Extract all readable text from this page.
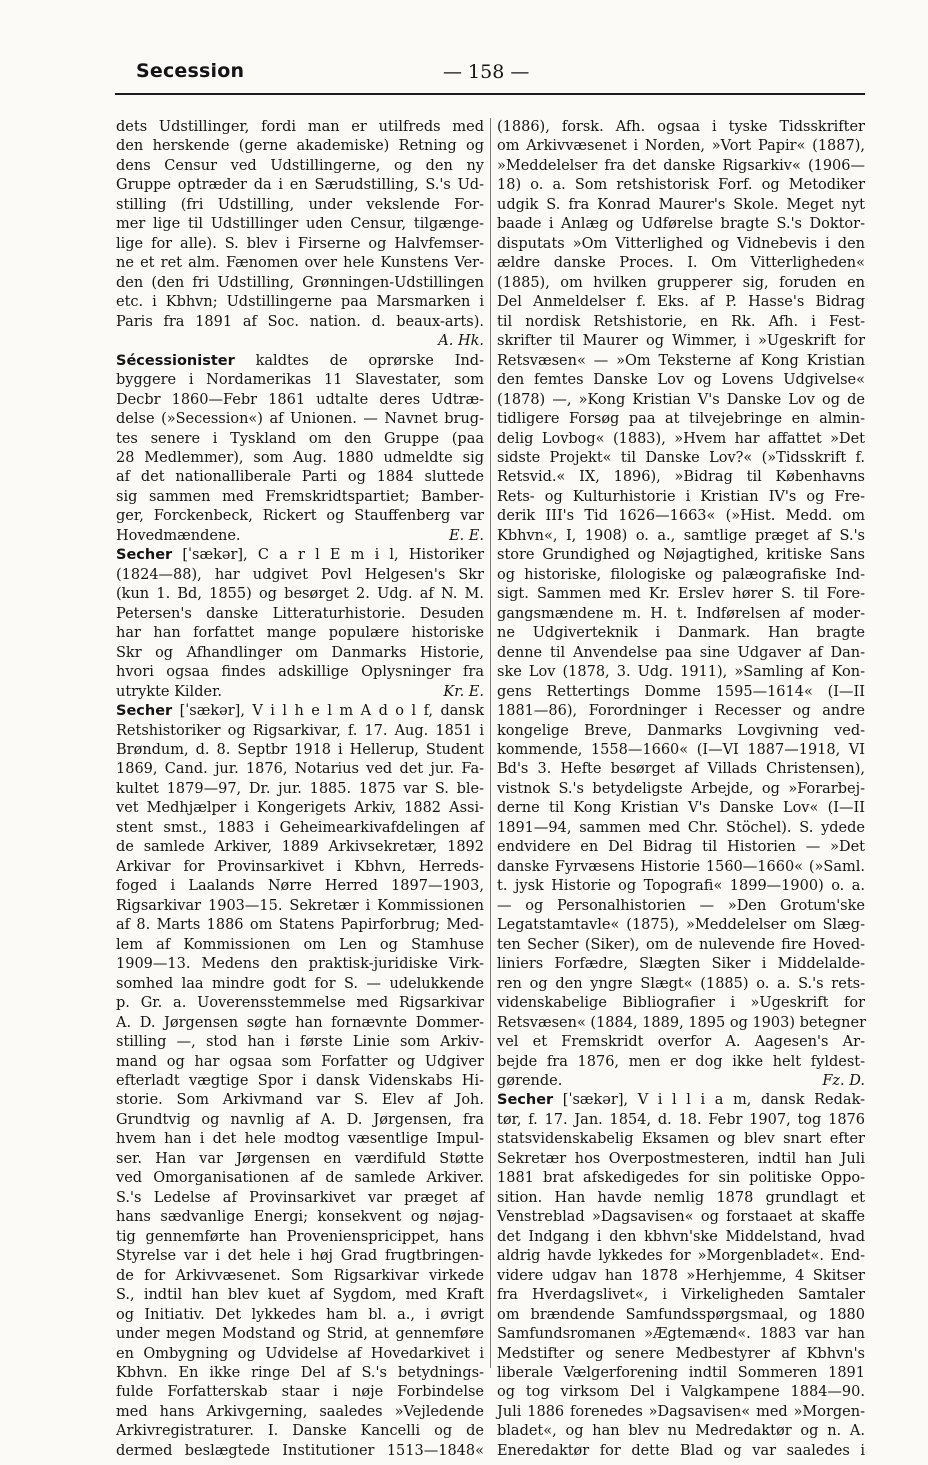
Secession	— 158 —
dets Udstillinger, fordi man er utilfreds med
den herskende (gerne akademiske) Retning og
dens Censur ved Udstillingerne, og den ny
Gruppe optræder da i en Særudstilling, S.'s Ud-
stilling (fri Udstilling, under vekslende For-
mer lige til Udstillinger uden Censur, tilgænge-
lige for alle). S. blev i Firserne og Halvfemser-
ne et ret alm. Fænomen over hele Kunstens Ver-
den (den fri Udstilling, Grønningen-Udstillingen
etc. i Kbhvn; Udstillingerne paa Marsmarken i
Paris fra 1891 af Soc. nation. d. beaux-arts).
A. Hk.
Sécessionister kaldtes de oprørske Ind-
byggere i Nordamerikas 11 Slavestater, som
Decbr 1860—Febr 1861 udtalte deres Udtræ-
delse (»Secession«) af Unionen. — Navnet brug-
tes senere i Tyskland om den Gruppe (paa
28 Medlemmer), som Aug. 1880 udmeldte sig
af det nationalliberale Parti og 1884 sluttede
sig sammen med Fremskridtspartiet; Bamber-
ger, Forckenbeck, Rickert og Stauffenberg var
Hovedmændene.	E. E.
Secher [ˈsækər], C a r l E m i l, Historiker
(1824—88), har udgivet Povl Helgesen's Skr
(kun 1. Bd, 1855) og besørget 2. Udg. af N. M.
Petersen's danske Litteraturhistorie. Desuden
har han forfattet mange populære historiske
Skr og Afhandlinger om Danmarks Historie,
hvori ogsaa findes adskillige Oplysninger fra
utrykte Kilder.	Kr. E.
Secher [ˈsækər], V i l h e l m A d o l f, dansk
Retshistoriker og Rigsarkivar, f. 17. Aug. 1851 i
Brøndum, d. 8. Septbr 1918 i Hellerup, Student
1869, Cand. jur. 1876, Notarius ved det jur. Fa-
kultet 1879—97, Dr. jur. 1885. 1875 var S. ble-
vet Medhjælper i Kongerigets Arkiv, 1882 Assi-
stent smst., 1883 i Geheimearkivafdelingen af
de samlede Arkiver, 1889 Arkivsekretær, 1892
Arkivar for Provinsarkivet i Kbhvn, Herreds-
foged i Laalands Nørre Herred 1897—1903,
Rigsarkivar 1903—15. Sekretær i Kommissionen
af 8. Marts 1886 om Statens Papirforbrug; Med-
lem af Kommissionen om Len og Stamhuse
1909—13. Medens den praktisk-juridiske Virk-
somhed laa mindre godt for S. — udelukkende
p. Gr. a. Uoverensstemmelse med Rigsarkivar
A. D. Jørgensen søgte han fornævnte Dommer-
stilling —, stod han i første Linie som Arkiv-
mand og har ogsaa som Forfatter og Udgiver
efterladt vægtige Spor i dansk Videnskabs Hi-
storie. Som Arkivmand var S. Elev af Joh.
Grundtvig og navnlig af A. D. Jørgensen, fra
hvem han i det hele modtog væsentlige Impul-
ser. Han var Jørgensen en værdifuld Støtte
ved Omorganisationen af de samlede Arkiver.
S.'s Ledelse af Provinsarkivet var præget af
hans sædvanlige Energi; konsekvent og nøjag-
tig gennemførte han Provenienspricippet, hans
Styrelse var i det hele i høj Grad frugtbringen-
de for Arkivvæsenet. Som Rigsarkivar virkede
S., indtil han blev kuet af Sygdom, med Kraft
og Initiativ. Det lykkedes ham bl. a., i øvrigt
under megen Modstand og Strid, at gennemføre
en Ombygning og Udvidelse af Hovedarkivet i
Kbhvn. En ikke ringe Del af S.'s betydnings-
fulde Forfatterskab staar i nøje Forbindelse
med hans Arkivgerning, saaledes »Vejledende
Arkivregistraturer. I. Danske Kancelli og de
dermed beslægtede Institutioner 1513—1848«
(1886), forsk. Afh. ogsaa i tyske Tidsskrifter
om Arkivvæsenet i Norden, »Vort Papir« (1887),
»Meddelelser fra det danske Rigsarkiv« (1906—
18) o. a. Som retshistorisk Forf. og Metodiker
udgik S. fra Konrad Maurer's Skole. Meget nyt
baade i Anlæg og Udførelse bragte S.'s Doktor-
disputats »Om Vitterlighed og Vidnebevis i den
ældre danske Proces. I. Om Vitterligheden«
(1885), om hvilken grupperer sig, foruden en
Del Anmeldelser f. Eks. af P. Hasse's Bidrag
til nordisk Retshistorie, en Rk. Afh. i Fest-
skrifter til Maurer og Wimmer, i »Ugeskrift for
Retsvæsen« — »Om Teksterne af Kong Kristian
den femtes Danske Lov og Lovens Udgivelse«
(1878) —, »Kong Kristian V's Danske Lov og de
tidligere Forsøg paa at tilvejebringe en almin-
delig Lovbog« (1883), »Hvem har affattet »Det
sidste Projekt« til Danske Lov?« (»Tidsskrift f.
Retsvid.« IX, 1896), »Bidrag til Københavns
Rets- og Kulturhistorie i Kristian IV's og Fre-
derik III's Tid 1626—1663« (»Hist. Medd. om
Kbhvn«, I, 1908) o. a., samtlige præget af S.'s
store Grundighed og Nøjagtighed, kritiske Sans
og historiske, filologiske og palæografiske Ind-
sigt. Sammen med Kr. Erslev hører S. til Fore-
gangsmændene m. H. t. Indførelsen af moder-
ne Udgiverteknik i Danmark. Han bragte
denne til Anvendelse paa sine Udgaver af Dan-
ske Lov (1878, 3. Udg. 1911), »Samling af Kon-
gens Rettertings Domme 1595—1614« (I—II
1881—86), Forordninger i Recesser og andre
kongelige Breve, Danmarks Lovgivning ved-
kommende, 1558—1660« (I—VI 1887—1918, VI
Bd's 3. Hefte besørget af Villads Christensen),
vistnok S.'s betydeligste Arbejde, og »Forarbej-
derne til Kong Kristian V's Danske Lov« (I—II
1891—94, sammen med Chr. Stöchel). S. ydede
endvidere en Del Bidrag til Historien — »Det
danske Fyrvæsens Historie 1560—1660« (»Saml.
t. jysk Historie og Topografi« 1899—1900) o. a.
— og Personalhistorien — »Den Grotum'ske
Legatstamtavle« (1875), »Meddelelser om Slæg-
ten Secher (Siker), om de nulevende fire Hoved-
liniers Forfædre, Slægten Siker i Middelalde-
ren og den yngre Slægt« (1885) o. a. S.'s rets-
videnskabelige Bibliografier i »Ugeskrift for
Retsvæsen« (1884, 1889, 1895 og 1903) betegner
vel et Fremskridt overfor A. Aagesen's Ar-
bejde fra 1876, men er dog ikke helt fyldest-
gørende.	Fz. D.
Secher [ˈsækər], V i l l i a m, dansk Redak-
tør, f. 17. Jan. 1854, d. 18. Febr 1907, tog 1876
statsvidenskabelig Eksamen og blev snart efter
Sekretær hos Overpostmesteren, indtil han Juli
1881 brat afskedigedes for sin politiske Oppo-
sition. Han havde nemlig 1878 grundlagt et
Venstreblad »Dagsavisen« og forstaaet at skaffe
det Indgang i den kbhvn'ske Middelstand, hvad
aldrig havde lykkedes for »Morgenbladet«. End-
videre udgav han 1878 »Herhjemme, 4 Skitser
fra Hverdagslivet«, i Virkeligheden Samtaler
om brændende Samfundsspørgsmaal, og 1880
Samfundsromanen »Ægtemænd«. 1883 var han
Medstifter og senere Medbestyrer af Kbhvn's
liberale Vælgerforening indtil Sommeren 1891
og tog virksom Del i Valgkampene 1884—90.
Juli 1886 forenedes »Dagsavisen« med »Morgen-
bladet«, og han blev nu Medredaktør og n. A.
Eneredaktør for dette Blad og var saaledes i
